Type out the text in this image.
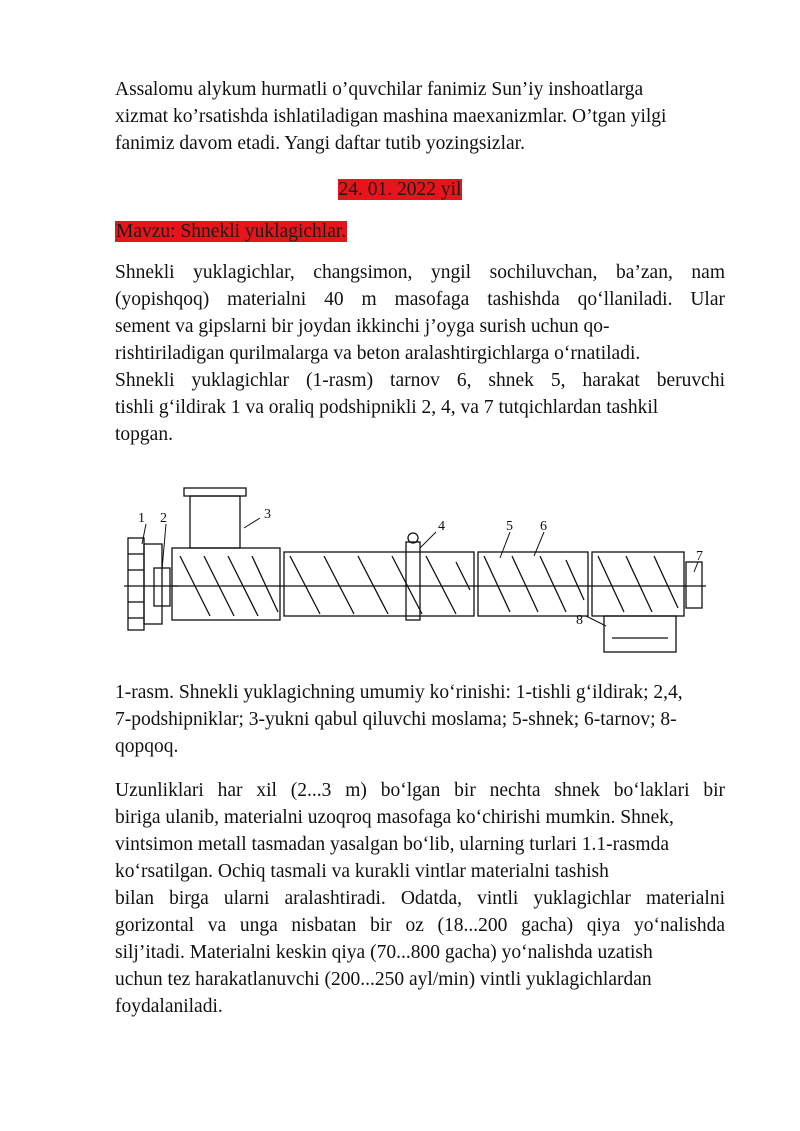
Assalomu alykum hurmatli o’quvchilar fanimiz Sun’iy inshoatlarga
xizmat ko’rsatishda ishlatiladigan mashina maexanizmlar. O’tgan yilgi
fanimiz davom etadi. Yangi daftar tutib yozingsizlar.
24. 01. 2022 yil
Mavzu: Shnekli yuklagichlar.
Shnekli yuklagichlar, changsimon, yngil sochiluvchan, ba’zan, nam
(yopishqoq) materialni 40 m masofaga tashishda qo‘llaniladi. Ular
sement va gipslarni bir joydan ikkinchi j’oyga surish uchun qo-
rishtiriladigan qurilmalarga va beton aralashtirgichlarga o‘rnatiladi.
Shnekli yuklagichlar (1-rasm) tarnov 6, shnek 5, harakat beruvchi
tishli g‘ildirak 1 va oraliq podshipnikli 2, 4, va 7 tutqichlardan tashkil
topgan.
1 2	3
4	5 6
7
8
1-rasm. Shnekli yuklagichning umumiy ko‘rinishi: 1-tishli g‘ildirak; 2,4,
7-podshipniklar; 3-yukni qabul qiluvchi moslama; 5-shnek; 6-tarnov; 8-
qopqoq.
Uzunliklari har xil (2...3 m) bo‘lgan bir nechta shnek bo‘laklari bir
biriga ulanib, materialni uzoqroq masofaga ko‘chirishi mumkin. Shnek,
vintsimon metall tasmadan yasalgan bo‘lib, ularning turlari 1.1-rasmda
ko‘rsatilgan. Ochiq tasmali va kurakli vintlar materialni tashish
bilan birga ularni aralashtiradi. Odatda, vintli yuklagichlar materialni
gorizontal va unga nisbatan bir oz (18...200 gacha) qiya yo‘nalishda
silj’itadi. Materialni keskin qiya (70...800 gacha) yo‘nalishda uzatish
uchun tez harakatlanuvchi (200...250 ayl/min) vintli yuklagichlardan
foydalaniladi.
